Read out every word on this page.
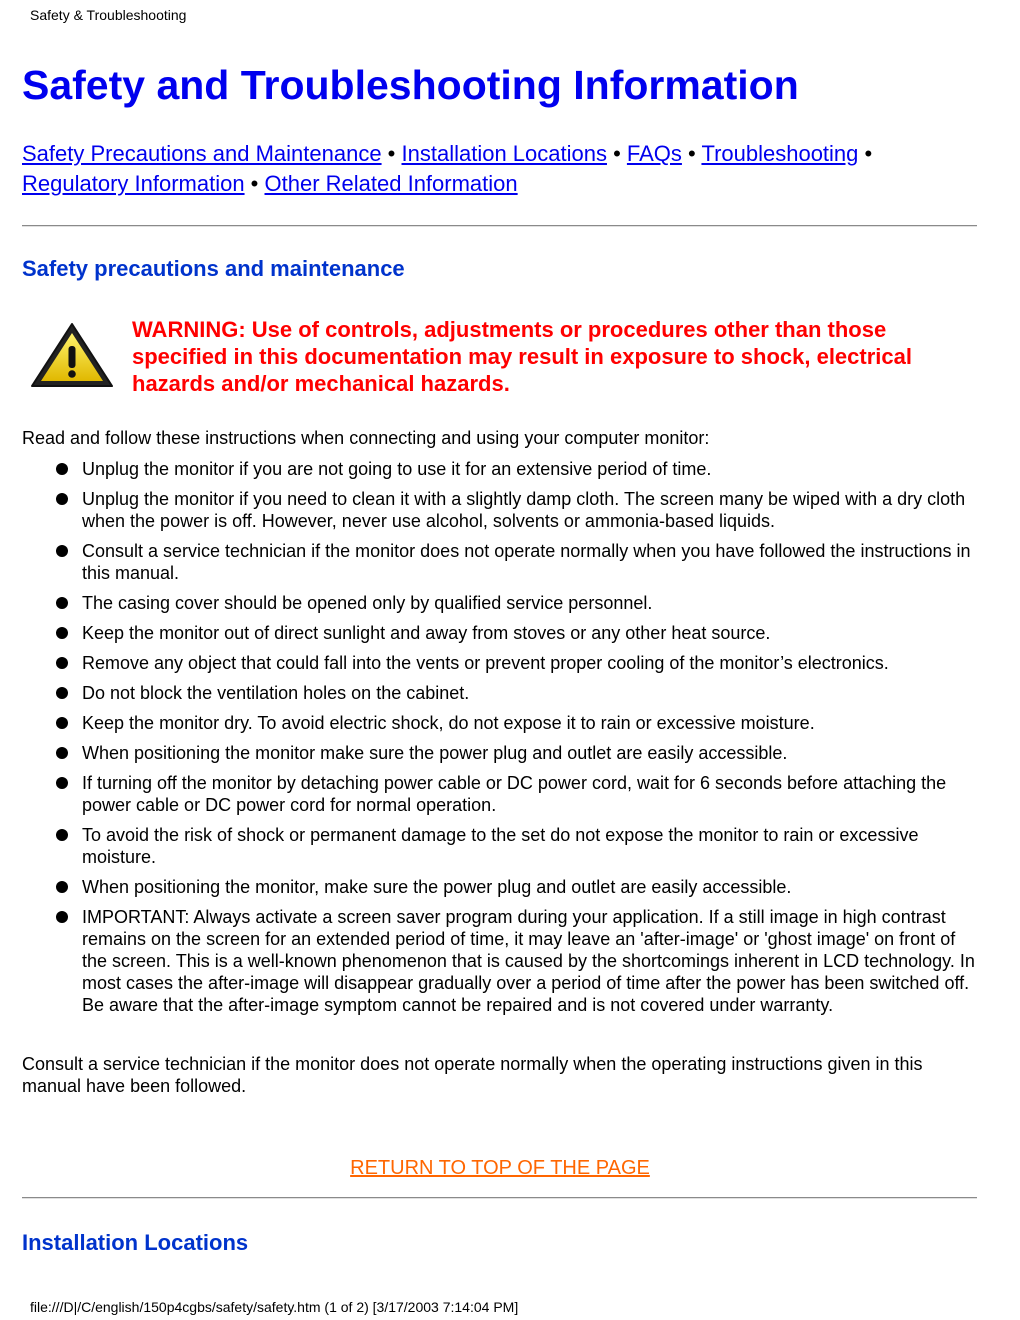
Safety & Troubleshooting
Safety and Troubleshooting Information
Safety Precautions and Maintenance • Installation Locations • FAQs • Troubleshooting •
Regulatory Information • Other Related Information
Safety precautions and maintenance
WARNING: Use of controls, adjustments or procedures other than those specified in this documentation may result in exposure to shock, electrical hazards and/or mechanical hazards.
Read and follow these instructions when connecting and using your computer monitor:
Unplug the monitor if you are not going to use it for an extensive period of time.
Unplug the monitor if you need to clean it with a slightly damp cloth. The screen many be wiped with a dry cloth when the power is off. However, never use alcohol, solvents or ammonia-based liquids.
Consult a service technician if the monitor does not operate normally when you have followed the instructions in this manual.
The casing cover should be opened only by qualified service personnel.
Keep the monitor out of direct sunlight and away from stoves or any other heat source.
Remove any object that could fall into the vents or prevent proper cooling of the monitor’s electronics.
Do not block the ventilation holes on the cabinet.
Keep the monitor dry. To avoid electric shock, do not expose it to rain or excessive moisture.
When positioning the monitor make sure the power plug and outlet are easily accessible.
If turning off the monitor by detaching power cable or DC power cord, wait for 6 seconds before attaching the power cable or DC power cord for normal operation.
To avoid the risk of shock or permanent damage to the set do not expose the monitor to rain or excessive moisture.
When positioning the monitor, make sure the power plug and outlet are easily accessible.
IMPORTANT: Always activate a screen saver program during your application. If a still image in high contrast remains on the screen for an extended period of time, it may leave an 'after-image' or 'ghost image' on front of the screen. This is a well-known phenomenon that is caused by the shortcomings inherent in LCD technology. In most cases the after-image will disappear gradually over a period of time after the power has been switched off. Be aware that the after-image symptom cannot be repaired and is not covered under warranty.
Consult a service technician if the monitor does not operate normally when the operating instructions given in this manual have been followed.
RETURN TO TOP OF THE PAGE
Installation Locations
file:///D|/C/english/150p4cgbs/safety/safety.htm (1 of 2) [3/17/2003 7:14:04 PM]
